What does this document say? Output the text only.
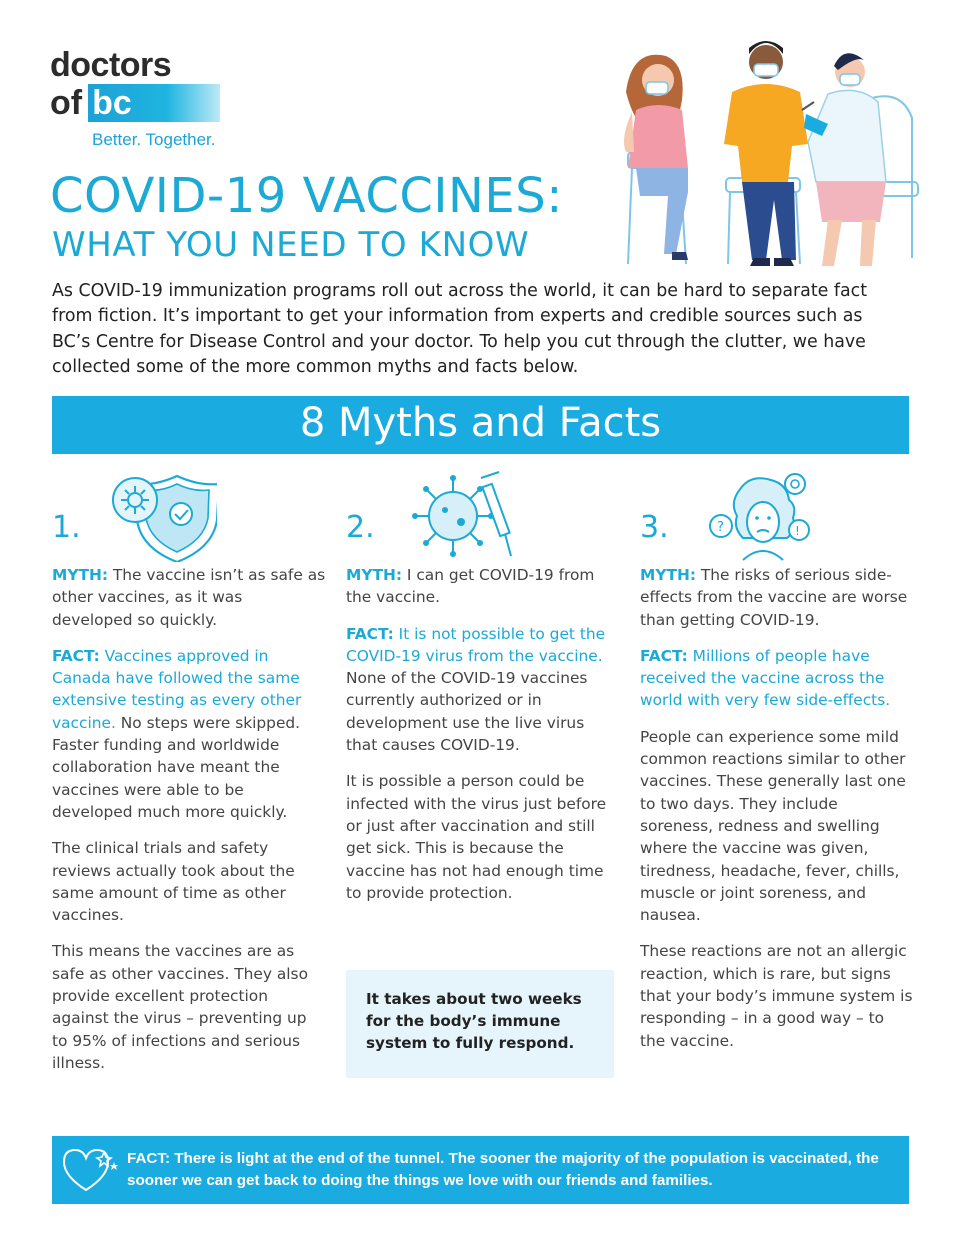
doctors
of bc
Better. Together.
COVID-19 VACCINES:
WHAT YOU NEED TO KNOW
As COVID-19 immunization programs roll out across the world, it can be hard to separate fact from fiction. It’s important to get your information from experts and credible sources such as BC’s Centre for Disease Control and your doctor. To help you cut through the clutter, we have collected some of the more common myths and facts below.
8 Myths and Facts
1.

MYTH: The vaccine isn’t as safe as other vaccines, as it was developed so quickly.

FACT: Vaccines approved in Canada have followed the same extensive testing as every other vaccine. No steps were skipped. Faster funding and worldwide collaboration have meant the vaccines were able to be developed much more quickly.

The clinical trials and safety reviews actually took about the same amount of time as other vaccines.

This means the vaccines are as safe as other vaccines. They also provide excellent protection against the virus – preventing up to 95% of infections and serious illness.

2.

MYTH: I can get COVID-19 from the vaccine.

FACT: It is not possible to get the COVID-19 virus from the vaccine. None of the COVID-19 vaccines currently authorized or in development use the live virus that causes COVID-19.

It is possible a person could be infected with the virus just before or just after vaccination and still get sick. This is because the vaccine has not had enough time to provide protection.

It takes about two weeks for the body’s immune system to fully respond.
3.	?	!

MYTH: The risks of serious side-effects from the vaccine are worse than getting COVID-19.

FACT: Millions of people have received the vaccine across the world with very few side-effects.

People can experience some mild common reactions similar to other vaccines. These generally last one to two days. They include soreness, redness and swelling where the vaccine was given, tiredness, headache, fever, chills, muscle or joint soreness, and nausea.

These reactions are not an allergic reaction, which is rare, but signs that your body’s immune system is responding – in a good way – to the vaccine.

FACT: There is light at the end of the tunnel. The sooner the majority of the population is vaccinated, the sooner we can get back to doing the things we love with our friends and families.
